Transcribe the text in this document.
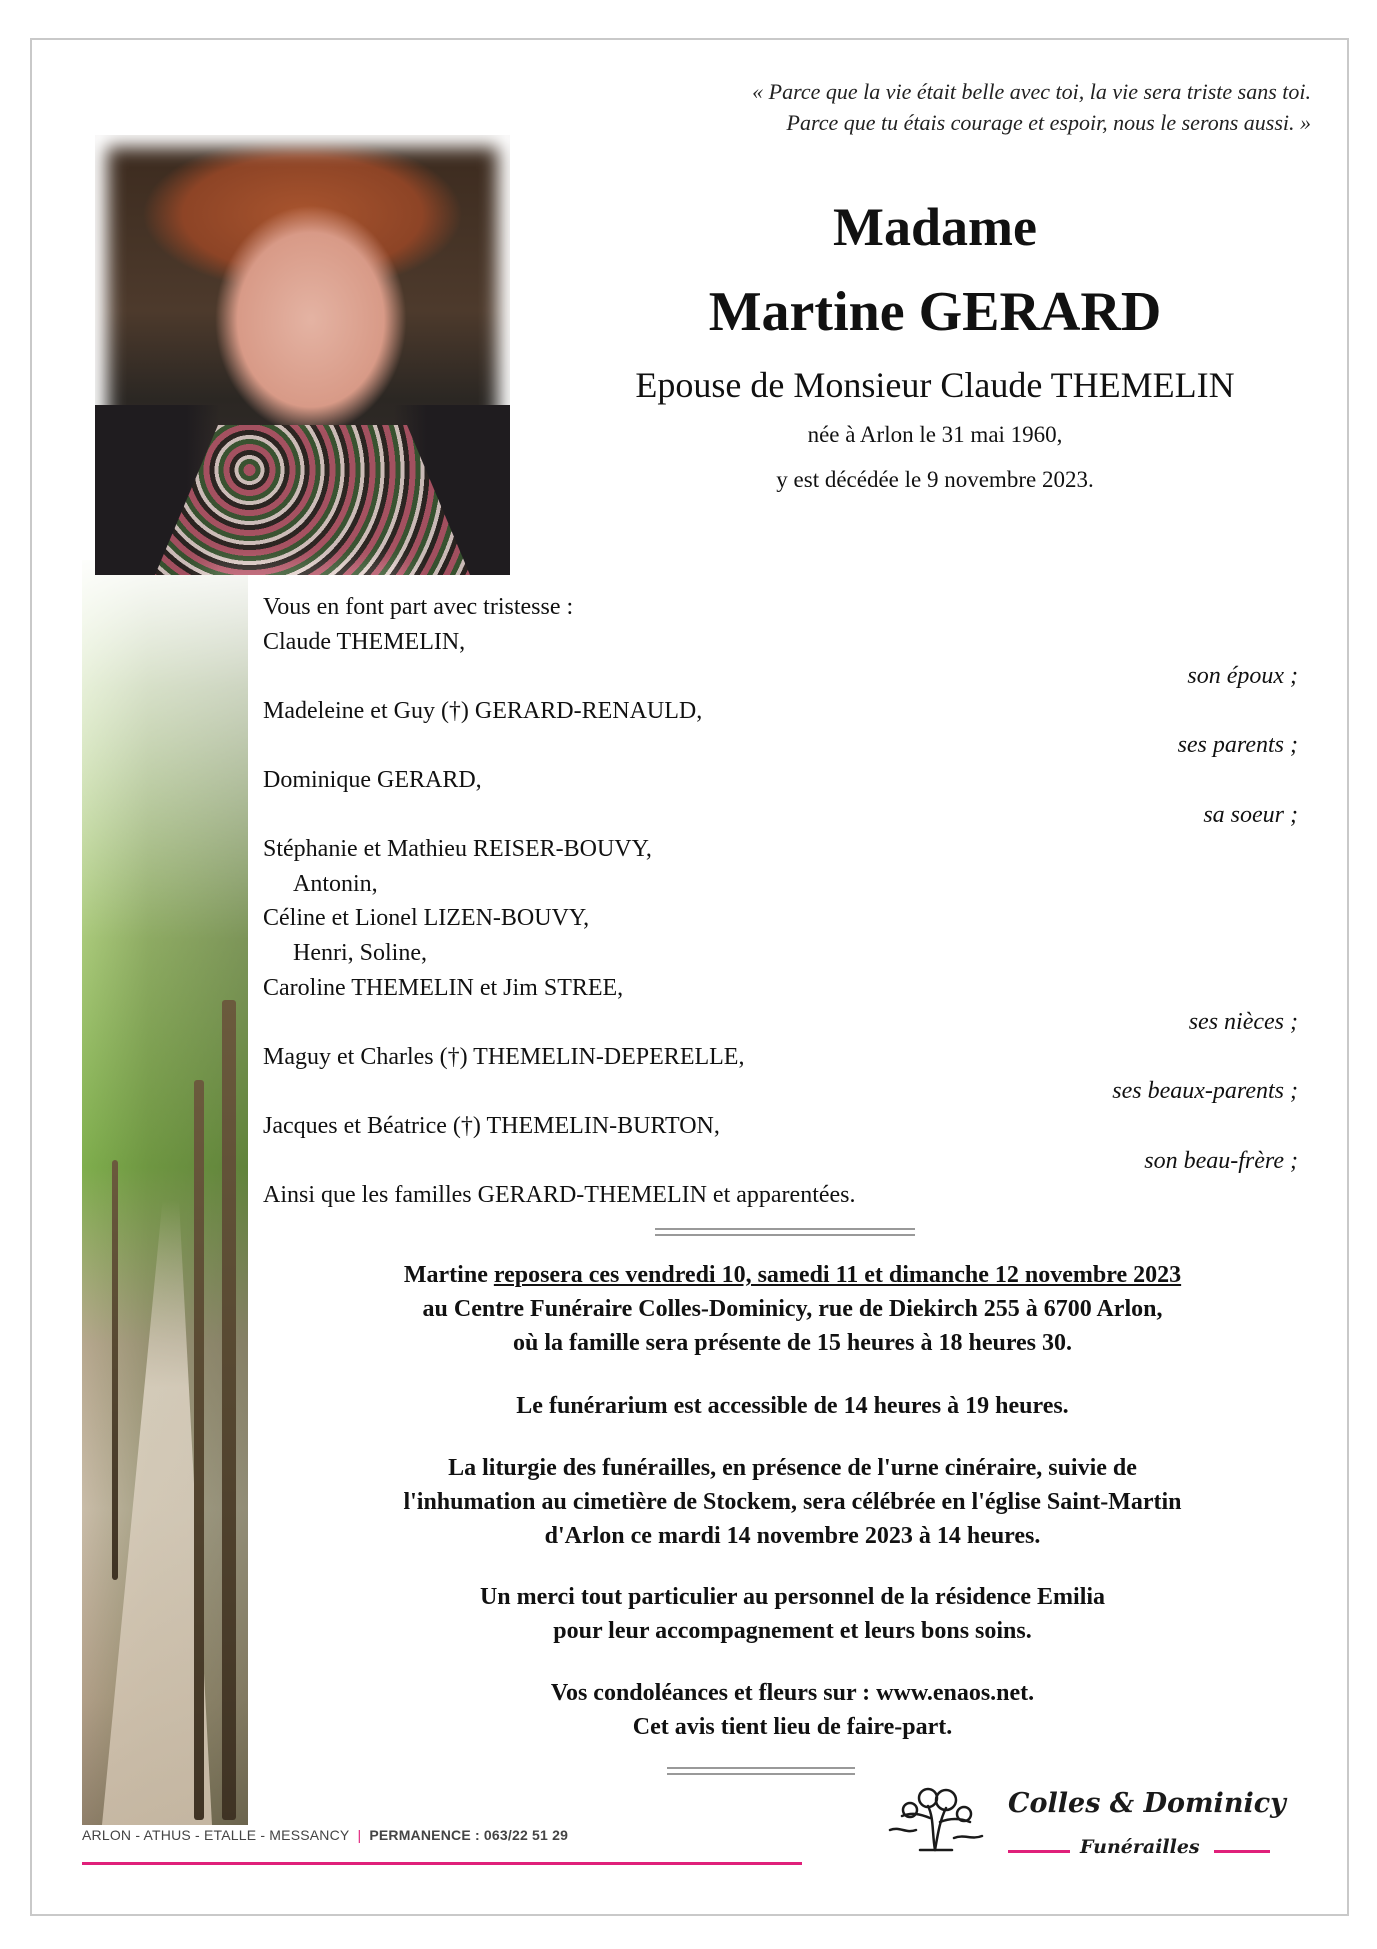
« Parce que la vie était belle avec toi, la vie sera triste sans toi.
Parce que tu étais courage et espoir, nous le serons aussi. »
Madame
Martine GERARD
Epouse de Monsieur Claude THEMELIN
née à Arlon le 31 mai 1960,
y est décédée le 9 novembre 2023.
Vous en font part avec tristesse :
Claude THEMELIN,
son époux ;
Madeleine et Guy (†) GERARD-RENAULD,
ses parents ;
Dominique GERARD,
sa soeur ;
Stéphanie et Mathieu REISER-BOUVY,
Antonin,
Céline et Lionel LIZEN-BOUVY,
Henri, Soline,
Caroline THEMELIN et Jim STREE,
ses nièces ;
Maguy et Charles (†) THEMELIN-DEPERELLE,
ses beaux-parents ;
Jacques et Béatrice (†) THEMELIN-BURTON,
son beau-frère ;
Ainsi que les familles GERARD-THEMELIN et apparentées.

Martine reposera ces vendredi 10, samedi 11 et dimanche 12 novembre 2023

au Centre Funéraire Colles-Dominicy, rue de Diekirch 255 à 6700 Arlon,

où la famille sera présente de 15 heures à 18 heures 30.

Le funérarium est accessible de 14 heures à 19 heures.

La liturgie des funérailles, en présence de l'urne cinéraire, suivie de

l'inhumation au cimetière de Stockem, sera célébrée en l'église Saint-Martin

d'Arlon ce mardi 14 novembre 2023 à 14 heures.

Un merci tout particulier au personnel de la résidence Emilia

pour leur accompagnement et leurs bons soins.

Vos condoléances et fleurs sur : www.enaos.net.

Cet avis tient lieu de faire-part.

ARLON - ATHUS - ETALLE - MESSANCY | PERMANENCE : 063/22 51 29
Colles & Dominicy
Funérailles
